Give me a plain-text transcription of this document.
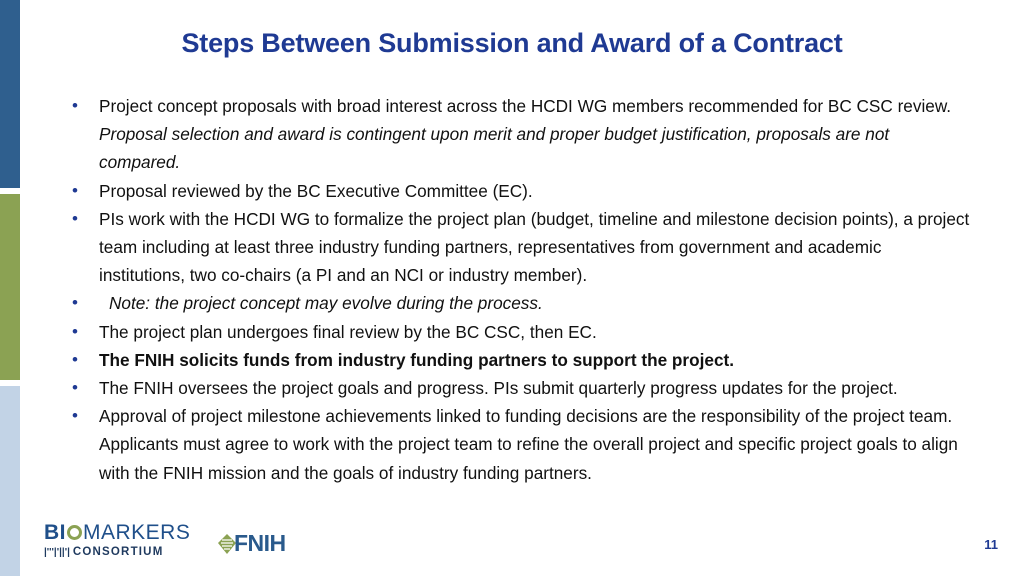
Steps Between Submission and Award of a Contract
• Project concept proposals with broad interest across the HCDI WG members recommended for BC CSC review. Proposal selection and award is contingent upon merit and proper budget justification, proposals are not compared.
• Proposal reviewed by the BC Executive Committee (EC).
• PIs work with the HCDI WG to formalize the project plan (budget, timeline and milestone decision points), a project team including at least three industry funding partners, representatives from government and academic institutions, two co-chairs (a PI and an NCI or industry member).
• Note: the project concept may evolve during the process.
• The project plan undergoes final review by the BC CSC, then EC.
• The FNIH solicits funds from industry funding partners to support the project.
• The FNIH oversees the project goals and progress. PIs submit quarterly progress updates for the project.
• Approval of project milestone achievements linked to funding decisions are the responsibility of the project team. Applicants must agree to work with the project team to refine the overall project and specific project goals to align with the FNIH mission and the goals of industry funding partners.
BI MARKERS
|'''|'||'| CONSORTIUM	FNIH	11
